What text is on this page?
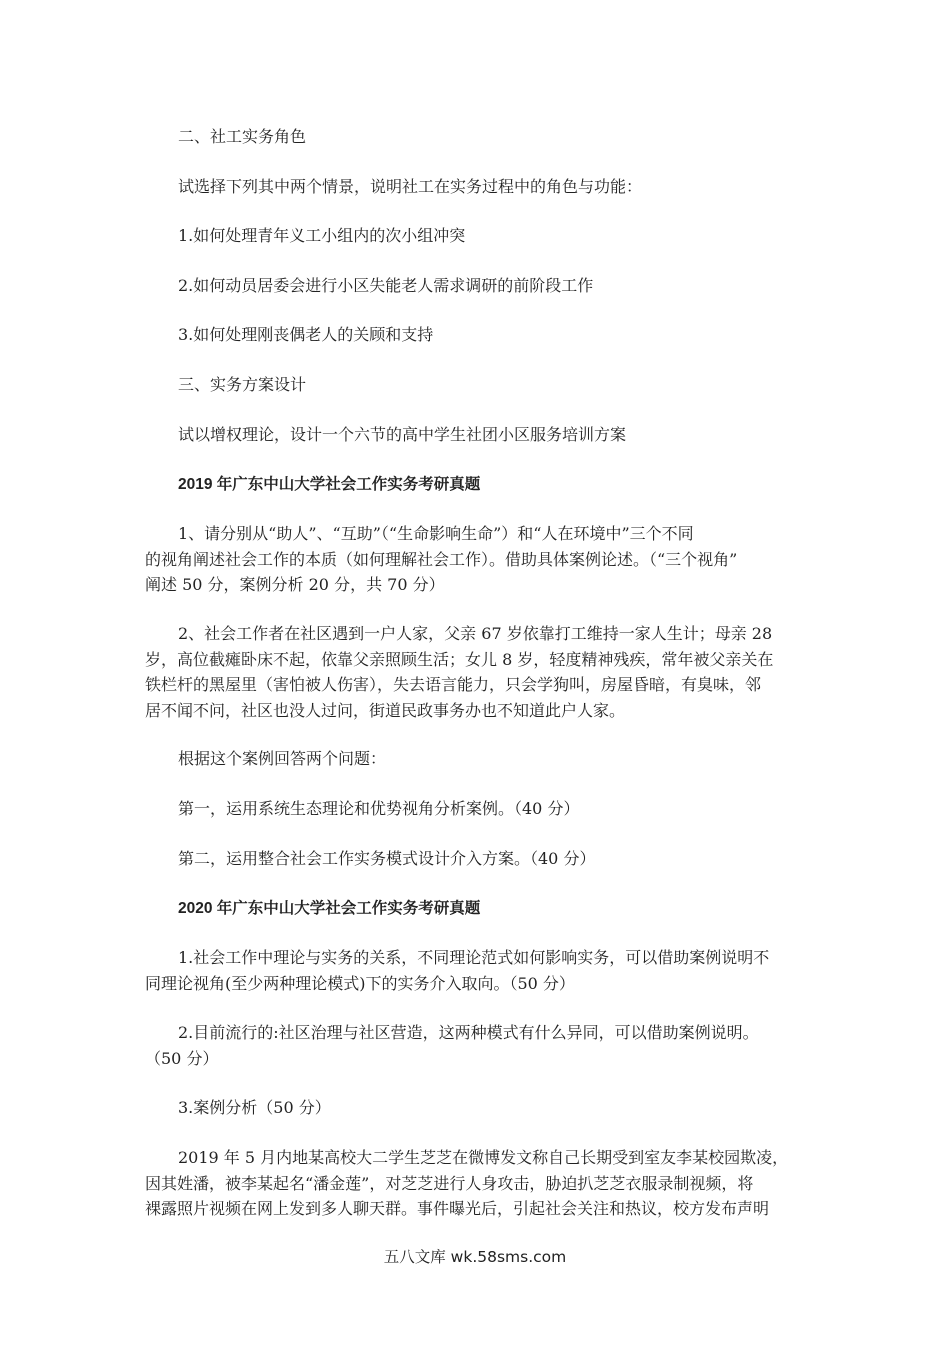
二、社工实务角色

试选择下列其中两个情景，说明社工在实务过程中的角色与功能：

1.如何处理青年义工小组内的次小组冲突

2.如何动员居委会进行小区失能老人需求调研的前阶段工作

3.如何处理刚丧偶老人的关顾和支持

三、实务方案设计

试以增权理论，设计一个六节的高中学生社团小区服务培训方案

2019 年广东中山大学社会工作实务考研真题

1、请分别从“助人”、“互助”（“生命影响生命”）和“人在环境中”三个不同
的视角阐述社会工作的本质（如何理解社会工作）。借助具体案例论述。（“三个视角”
阐述 50 分，案例分析 20 分，共 70 分）
2、社会工作者在社区遇到一户人家，父亲 67 岁依靠打工维持一家人生计；母亲 28
岁，高位截瘫卧床不起，依靠父亲照顾生活；女儿 8 岁，轻度精神残疾，常年被父亲关在
铁栏杆的黑屋里（害怕被人伤害），失去语言能力，只会学狗叫，房屋昏暗，有臭味，邻
居不闻不问，社区也没人过问，街道民政事务办也不知道此户人家。

根据这个案例回答两个问题：

第一，运用系统生态理论和优势视角分析案例。（40 分）

第二，运用整合社会工作实务模式设计介入方案。（40 分）

2020 年广东中山大学社会工作实务考研真题

1.社会工作中理论与实务的关系，不同理论范式如何影响实务，可以借助案例说明不
同理论视角(至少两种理论模式)下的实务介入取向。（50 分）
2.目前流行的:社区治理与社区营造，这两种模式有什么异同，可以借助案例说明。
（50 分）

3.案例分析（50 分）

2019 年 5 月内地某高校大二学生芝芝在微博发文称自己长期受到室友李某校园欺凌，
因其姓潘，被李某起名“潘金莲”，对芝芝进行人身攻击，胁迫扒芝芝衣服录制视频，将
裸露照片视频在网上发到多人聊天群。事件曝光后，引起社会关注和热议，校方发布声明
五八文库 wk.58sms.com
